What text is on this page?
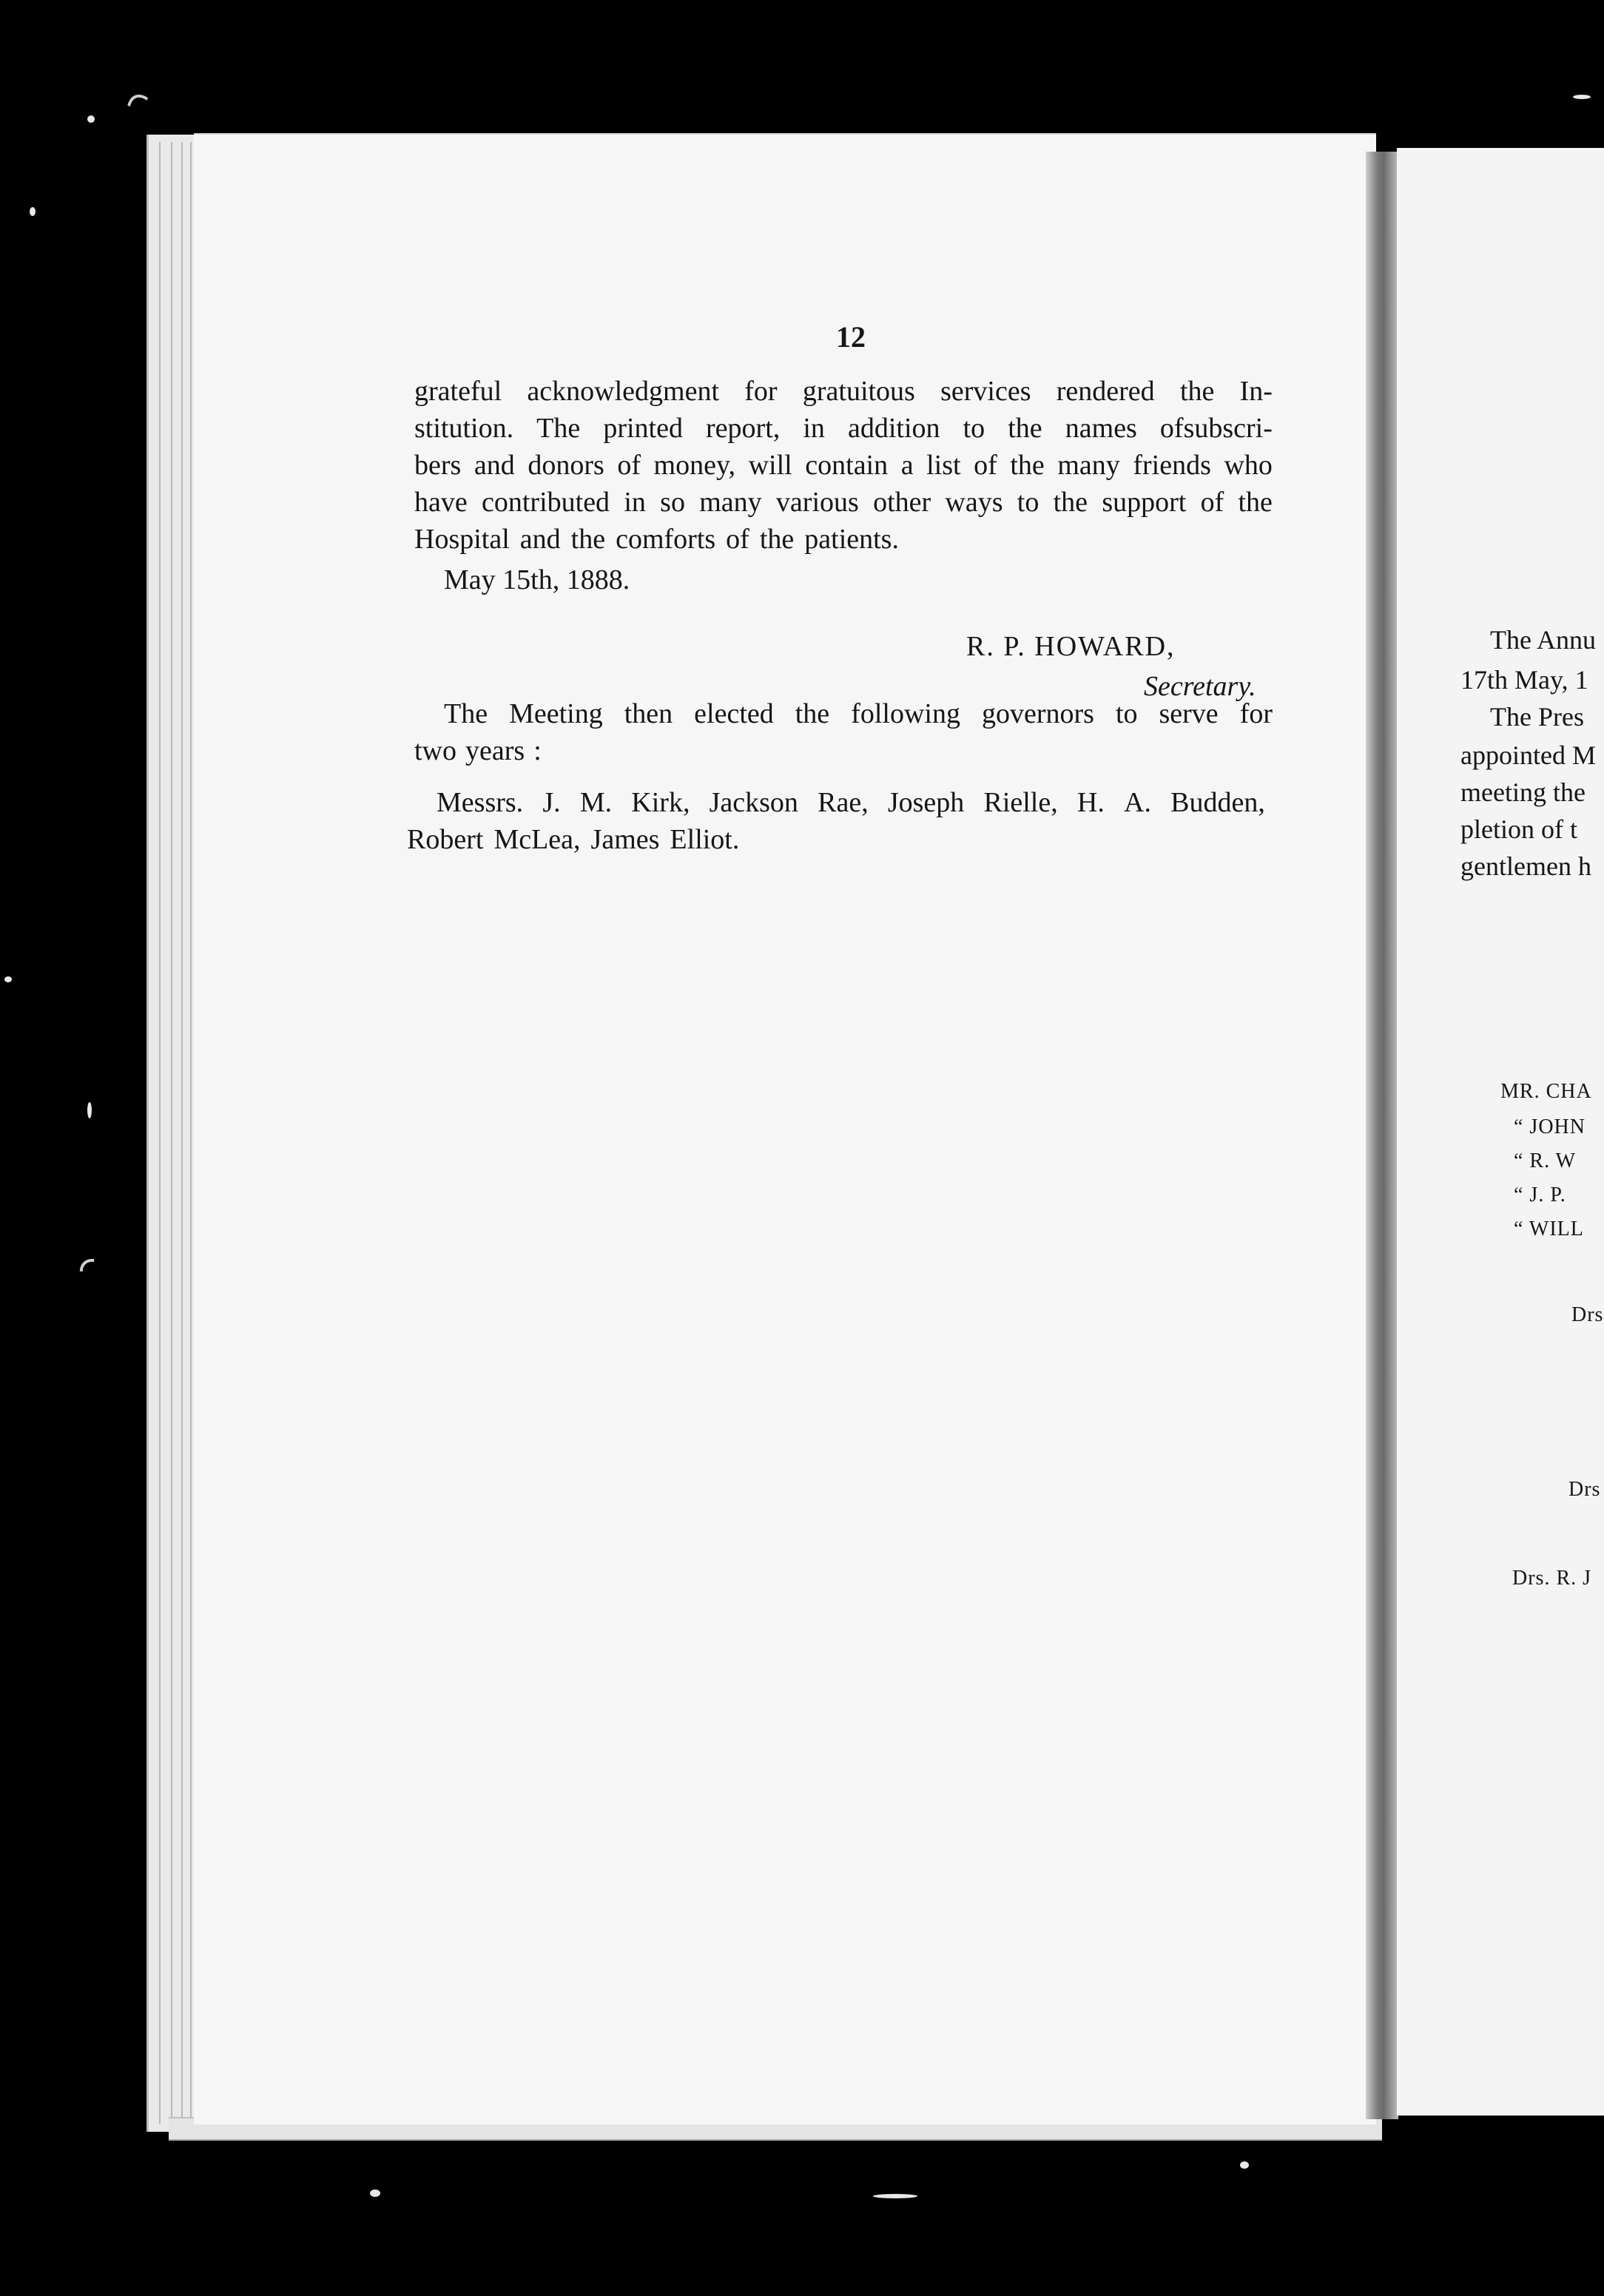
12
grateful acknowledgment for gratuitous services rendered the In-
stitution. The printed report, in addition to the names ofsubscri-
bers and donors of money, will contain a list of the many friends who
have contributed in so many various other ways to the support of the
Hospital and the comforts of the patients.
May 15th, 1888.
R. P. HOWARD,
Secretary.
The Meeting then elected the following governors to serve for
two years :
Messrs. J. M. Kirk, Jackson Rae, Joseph Rielle, H. A. Budden,
Robert McLea, James Elliot.
The Annu
17th May, 1
The Pres
appointed M
meeting the
pletion of t
gentlemen h
MR. CHA
“ JOHN
“ R. W
“ J. P.
“ WILL
Drs
Drs
Drs. R. J
